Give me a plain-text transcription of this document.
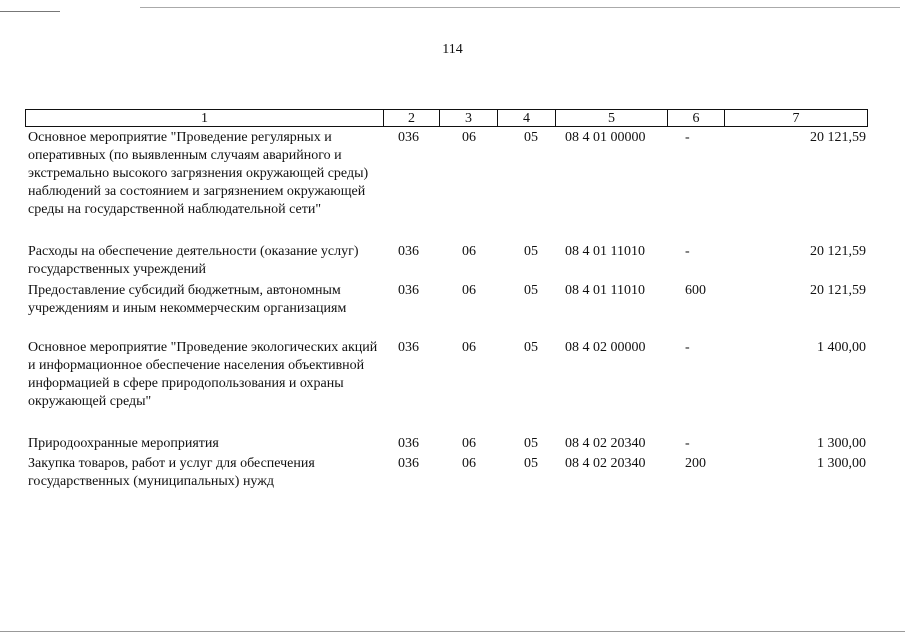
114
1	2	3	4	5	6	7
Основное мероприятие "Проведение регулярных и оперативных (по выявленным случаям аварийного и экстремально высокого загрязнения окружающей среды) наблюдений за состоянием и загрязнением окружающей среды на государственной наблюдательной сети"
036	06	05 08 4 01 00000	-	20 121,59
Расходы на обеспечение деятельности (оказание услуг) государственных учреждений
036	06	05 08 4 01 11010	-	20 121,59
Предоставление субсидий бюджетным, автономным учреждениям и иным некоммерческим организациям
036	06	05 08 4 01 11010	600	20 121,59
Основное мероприятие "Проведение экологических акций и информационное обеспечение населения объективной информацией в сфере природопользования и охраны окружающей среды"
036	06	05 08 4 02 00000	-	1 400,00
Природоохранные мероприятия	036	06	05 08 4 02 20340	-	1 300,00
Закупка товаров, работ и услуг для обеспечения государственных (муниципальных) нужд
036	06	05 08 4 02 20340	200	1 300,00
